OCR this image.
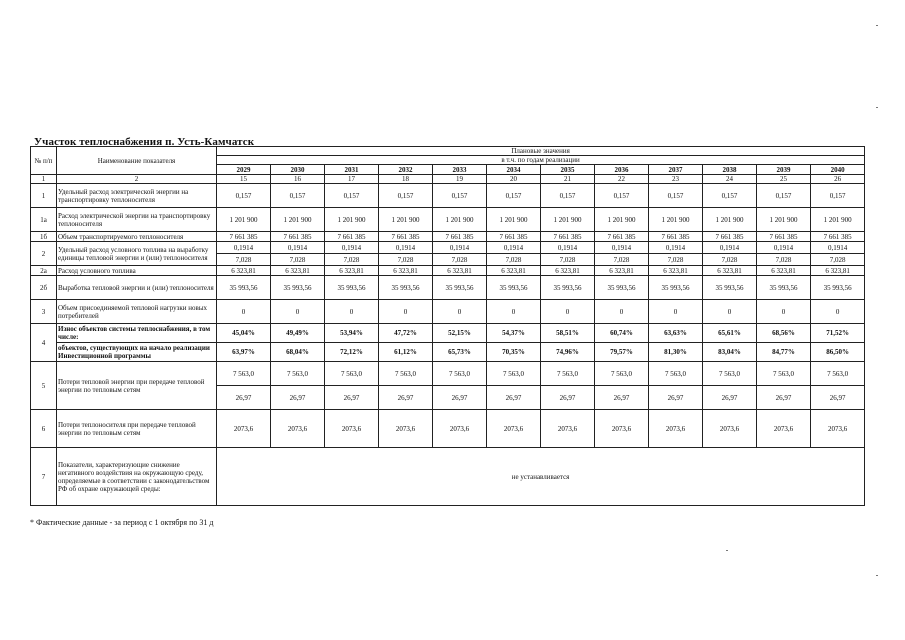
Участок теплоснабжения п. Усть-Камчатск
№ п/п	Наименование показателя	Плановые значения											
		в т.ч. по годам реализации											
		2029	2030	2031	2032	2033	2034	2035	2036	2037	2038	2039	2040
1	2	15	16	17	18	19	20	21	22	23	24	25	26
1	Удельный расход электрической энергии на транспортировку теплоносителя	0,157	0,157	0,157	0,157	0,157	0,157	0,157	0,157	0,157	0,157	0,157	0,157
1а	Расход электрической энергии на транспортировку теплоносителя	1 201 900	1 201 900	1 201 900	1 201 900	1 201 900	1 201 900	1 201 900	1 201 900	1 201 900	1 201 900	1 201 900	1 201 900
1б	Объем транспортируемого теплоносителя	7 661 385	7 661 385	7 661 385	7 661 385	7 661 385	7 661 385	7 661 385	7 661 385	7 661 385	7 661 385	7 661 385	7 661 385
2	Удельный расход условного топлива на выработку единицы тепловой энергии и (или) теплоносителя	0,1914	0,1914	0,1914	0,1914	0,1914	0,1914	0,1914	0,1914	0,1914	0,1914	0,1914	0,1914
		7,028	7,028	7,028	7,028	7,028	7,028	7,028	7,028	7,028	7,028	7,028	7,028
2а	Расход условного топлива	6 323,81	6 323,81	6 323,81	6 323,81	6 323,81	6 323,81	6 323,81	6 323,81	6 323,81	6 323,81	6 323,81	6 323,81
2б	Выработка тепловой энергии и (или) теплоносителя	35 993,56	35 993,56	35 993,56	35 993,56	35 993,56	35 993,56	35 993,56	35 993,56	35 993,56	35 993,56	35 993,56	35 993,56
3	Объем присоединяемой тепловой нагрузки новых потребителей	0	0	0	0	0	0	0	0	0	0	0	0
4	Износ объектов системы теплоснабжения, в том числе:	45,04%	49,49%	53,94%	47,72%	52,15%	54,37%	58,51%	60,74%	63,63%	65,61%	68,56%	71,52%
	объектов, существующих на начало реализации Инвестиционной программы	63,97%	68,04%	72,12%	61,12%	65,73%	70,35%	74,96%	79,57%	81,30%	83,04%	84,77%	86,50%
5	Потери тепловой энергии при передаче тепловой энергии по тепловым сетям	7 563,0	7 563,0	7 563,0	7 563,0	7 563,0	7 563,0	7 563,0	7 563,0	7 563,0	7 563,0	7 563,0	7 563,0
		26,97	26,97	26,97	26,97	26,97	26,97	26,97	26,97	26,97	26,97	26,97	26,97
6	Потери теплоносителя при передаче тепловой энергии по тепловым сетям	2073,6	2073,6	2073,6	2073,6	2073,6	2073,6	2073,6	2073,6	2073,6	2073,6	2073,6	2073,6
7	Показатели, характеризующие снижение негативного воздействия на окружающую среду, определяемые в соответствии с законодательством РФ об охране окружающей среды:	не устанавливается											
* Фактические данные - за период с 1 октября по 31 д
